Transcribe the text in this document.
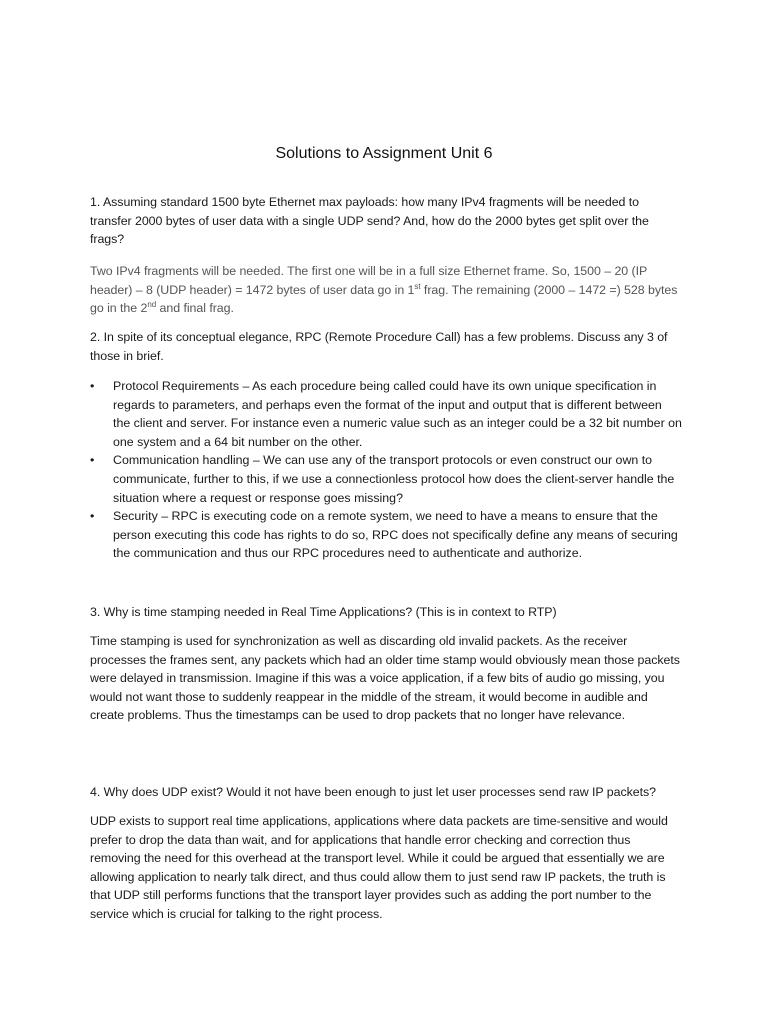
Solutions to Assignment Unit 6

1. Assuming standard 1500 byte Ethernet max payloads: how many IPv4 fragments will be needed to transfer 2000 bytes of user data with a single UDP send? And, how do the 2000 bytes get split over the frags?

Two IPv4 fragments will be needed. The first one will be in a full size Ethernet frame. So, 1500 – 20 (IP header) – 8 (UDP header) = 1472 bytes of user data go in 1st frag. The remaining (2000 – 1472 =) 528 bytes go in the 2nd and final frag.

2. In spite of its conceptual elegance, RPC (Remote Procedure Call) has a few problems. Discuss any 3 of those in brief.

• Protocol Requirements – As each procedure being called could have its own unique specification in regards to parameters, and perhaps even the format of the input and output that is different between the client and server. For instance even a numeric value such as an integer could be a 32 bit number on one system and a 64 bit number on the other.
• Communication handling – We can use any of the transport protocols or even construct our own to communicate, further to this, if we use a connectionless protocol how does the client-server handle the situation where a request or response goes missing?
• Security – RPC is executing code on a remote system, we need to have a means to ensure that the person executing this code has rights to do so, RPC does not specifically define any means of securing the communication and thus our RPC procedures need to authenticate and authorize.

3. Why is time stamping needed in Real Time Applications? (This is in context to RTP)

Time stamping is used for synchronization as well as discarding old invalid packets. As the receiver processes the frames sent, any packets which had an older time stamp would obviously mean those packets were delayed in transmission. Imagine if this was a voice application, if a few bits of audio go missing, you would not want those to suddenly reappear in the middle of the stream, it would become in audible and create problems. Thus the timestamps can be used to drop packets that no longer have relevance.

4. Why does UDP exist? Would it not have been enough to just let user processes send raw IP packets?

UDP exists to support real time applications, applications where data packets are time-sensitive and would prefer to drop the data than wait, and for applications that handle error checking and correction thus removing the need for this overhead at the transport level. While it could be argued that essentially we are allowing application to nearly talk direct, and thus could allow them to just send raw IP packets, the truth is that UDP still performs functions that the transport layer provides such as adding the port number to the service which is crucial for talking to the right process.
